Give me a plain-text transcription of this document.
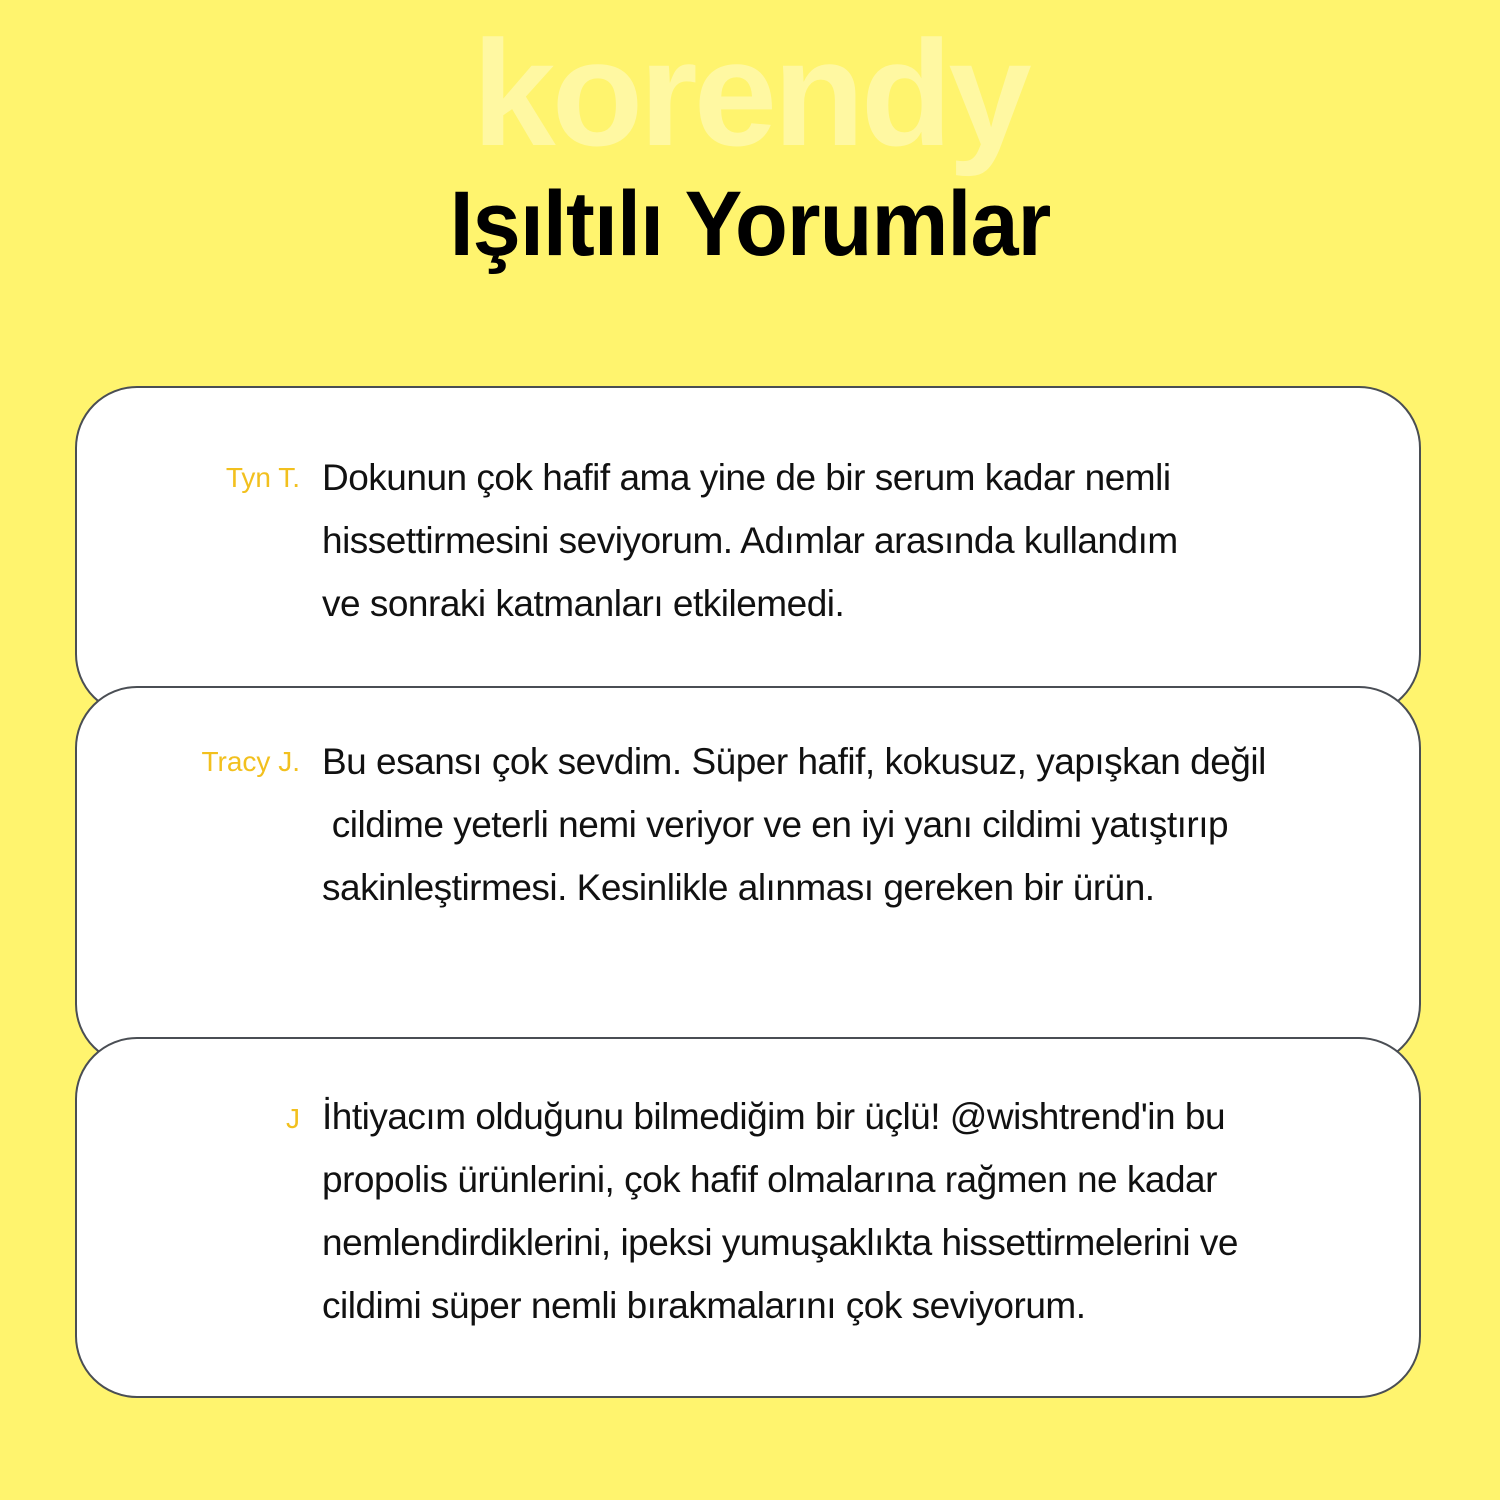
korendy
Işıltılı Yorumlar
Tyn T. Dokunun çok hafif ama yine de bir serum kadar nemli
hissettirmesini seviyorum. Adımlar arasında kullandım
ve sonraki katmanları etkilemedi.
Tracy J. Bu esansı çok sevdim. Süper hafif, kokusuz, yapışkan değil
cildime yeterli nemi veriyor ve en iyi yanı cildimi yatıştırıp
sakinleştirmesi. Kesinlikle alınması gereken bir ürün.
J İhtiyacım olduğunu bilmediğim bir üçlü! @wishtrend'in bu
propolis ürünlerini, çok hafif olmalarına rağmen ne kadar
nemlendirdiklerini, ipeksi yumuşaklıkta hissettirmelerini ve
cildimi süper nemli bırakmalarını çok seviyorum.
